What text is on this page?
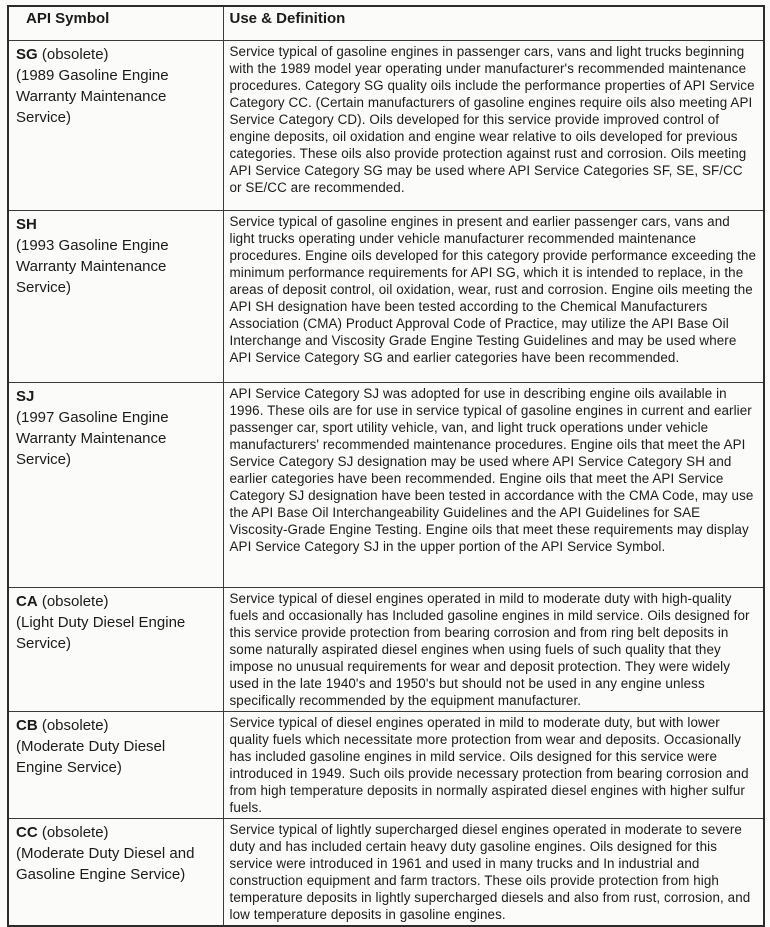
API Symbol	Use & Definition

SG (obsolete)
(1989 Gasoline Engine Warranty Maintenance Service)	Service typical of gasoline engines in passenger cars, vans and light trucks beginning with the 1989 model year operating under manufacturer's recommended maintenance procedures. Category SG quality oils include the performance properties of API Service Category CC. (Certain manufacturers of gasoline engines require oils also meeting API Service Category CD). Oils developed for this service provide improved control of engine deposits, oil oxidation and engine wear relative to oils developed for previous categories. These oils also provide protection against rust and corrosion. Oils meeting API Service Category SG may be used where API Service Categories SF, SE, SF/CC or SE/CC are recommended.

SH
(1993 Gasoline Engine Warranty Maintenance Service)	Service typical of gasoline engines in present and earlier passenger cars, vans and light trucks operating under vehicle manufacturer recommended maintenance procedures. Engine oils developed for this category provide performance exceeding the minimum performance requirements for API SG, which it is intended to replace, in the areas of deposit control, oil oxidation, wear, rust and corrosion. Engine oils meeting the API SH designation have been tested according to the Chemical Manufacturers Association (CMA) Product Approval Code of Practice, may utilize the API Base Oil Interchange and Viscosity Grade Engine Testing Guidelines and may be used where API Service Category SG and earlier categories have been recommended.

SJ
(1997 Gasoline Engine Warranty Maintenance Service)	API Service Category SJ was adopted for use in describing engine oils available in 1996. These oils are for use in service typical of gasoline engines in current and earlier passenger car, sport utility vehicle, van, and light truck operations under vehicle manufacturers' recommended maintenance procedures. Engine oils that meet the API Service Category SJ designation may be used where API Service Category SH and earlier categories have been recommended. Engine oils that meet the API Service Category SJ designation have been tested in accordance with the CMA Code, may use the API Base Oil Interchangeability Guidelines and the API Guidelines for SAE Viscosity-Grade Engine Testing. Engine oils that meet these requirements may display API Service Category SJ in the upper portion of the API Service Symbol.

CA (obsolete)
(Light Duty Diesel Engine Service)	Service typical of diesel engines operated in mild to moderate duty with high-quality fuels and occasionally has Included gasoline engines in mild service. Oils designed for this service provide protection from bearing corrosion and from ring belt deposits in some naturally aspirated diesel engines when using fuels of such quality that they impose no unusual requirements for wear and deposit protection. They were widely used in the late 1940's and 1950's but should not be used in any engine unless specifically recommended by the equipment manufacturer.

CB (obsolete)
(Moderate Duty Diesel Engine Service)	Service typical of diesel engines operated in mild to moderate duty, but with lower quality fuels which necessitate more protection from wear and deposits. Occasionally has included gasoline engines in mild service. Oils designed for this service were introduced in 1949. Such oils provide necessary protection from bearing corrosion and from high temperature deposits in normally aspirated diesel engines with higher sulfur fuels.

CC (obsolete)
(Moderate Duty Diesel and Gasoline Engine Service)	Service typical of lightly supercharged diesel engines operated in moderate to severe duty and has included certain heavy duty gasoline engines. Oils designed for this service were introduced in 1961 and used in many trucks and In industrial and construction equipment and farm tractors. These oils provide protection from high temperature deposits in lightly supercharged diesels and also from rust, corrosion, and low temperature deposits in gasoline engines.
